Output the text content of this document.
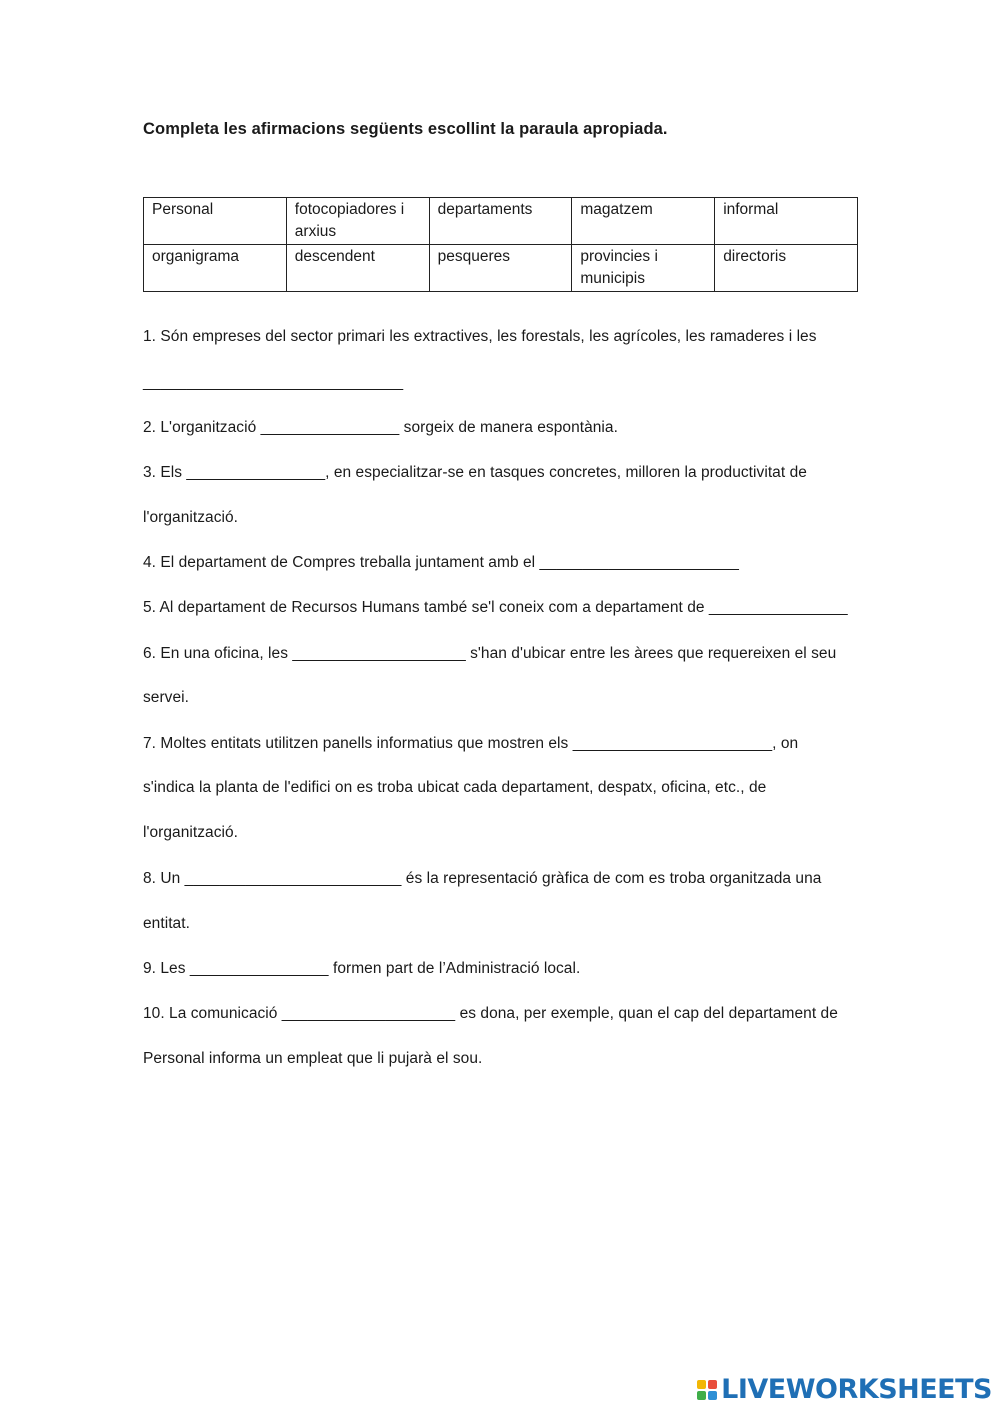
Completa les afirmacions següents escollint la paraula apropiada.
Personal	fotocopiadores i arxius	departaments	magatzem	informal
organigrama	descendent	pesqueres	provincies i municipis	directoris
1. Són empreses del sector primari les extractives, les forestals, les agrícoles, les ramaderes i les
______________________________
2. L'organització ________________ sorgeix de manera espontània.
3. Els ________________, en especialitzar-se en tasques concretes, milloren la productivitat de
l'organització.
4. El departament de Compres treballa juntament amb el _______________________
5. Al departament de Recursos Humans també se'l coneix com a departament de ________________
6. En una oficina, les ____________________ s'han d'ubicar entre les àrees que requereixen el seu
servei.
7. Moltes entitats utilitzen panells informatius que mostren els _______________________, on
s'indica la planta de l'edifici on es troba ubicat cada departament, despatx, oficina, etc., de
l'organització.
8. Un _________________________ és la representació gràfica de com es troba organitzada una
entitat.
9. Les ________________ formen part de l’Administració local.
10. La comunicació ____________________ es dona, per exemple, quan el cap del departament de
Personal informa un empleat que li pujarà el sou.
LIVEWORKSHEETS
